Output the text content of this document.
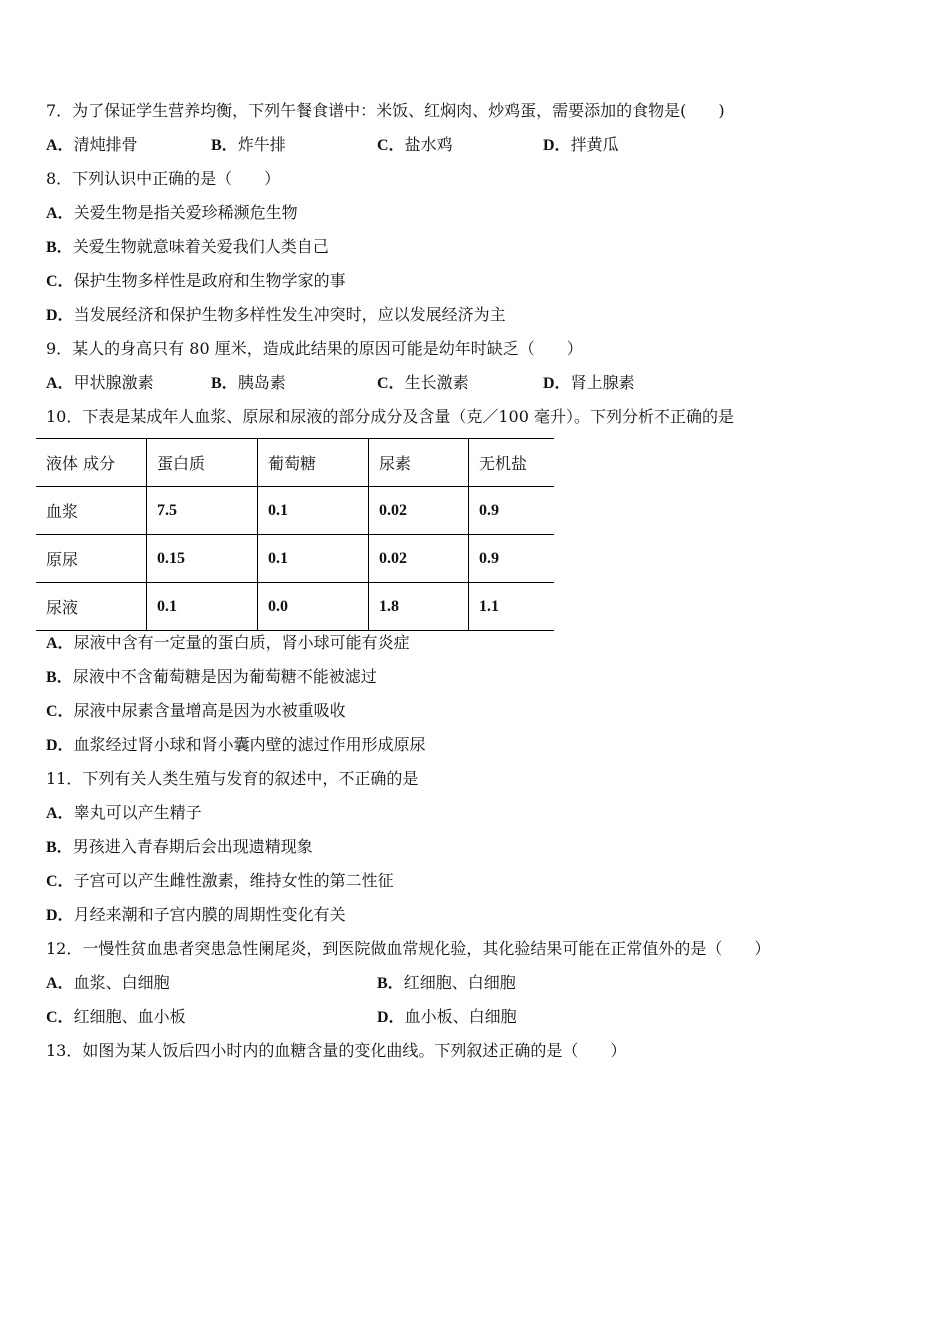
7．为了保证学生营养均衡，下列午餐食谱中：米饭、红焖肉、炒鸡蛋，需要添加的食物是(　　)
A．清炖排骨	B．炸牛排	C．盐水鸡	D．拌黄瓜
8．下列认识中正确的是（　　）
A．关爱生物是指关爱珍稀濒危生物
B．关爱生物就意味着关爱我们人类自己
C．保护生物多样性是政府和生物学家的事
D．当发展经济和保护生物多样性发生冲突时，应以发展经济为主
9．某人的身高只有 80 厘米，造成此结果的原因可能是幼年时缺乏（　　）
A．甲状腺激素	B．胰岛素	C．生长激素	D．肾上腺素
10．下表是某成年人血浆、原尿和尿液的部分成分及含量（克／100 毫升）。下列分析不正确的是
液体 成分	蛋白质	葡萄糖	尿素	无机盐
血浆	7.5	0.1	0.02	0.9
原尿	0.15	0.1	0.02	0.9
尿液	0.1	0.0	1.8	1.1
A．尿液中含有一定量的蛋白质，肾小球可能有炎症
B．尿液中不含葡萄糖是因为葡萄糖不能被滤过
C．尿液中尿素含量增高是因为水被重吸收
D．血浆经过肾小球和肾小囊内壁的滤过作用形成原尿
11．下列有关人类生殖与发育的叙述中，不正确的是
A．睾丸可以产生精子
B．男孩进入青春期后会出现遗精现象
C．子宫可以产生雌性激素，维持女性的第二性征
D．月经来潮和子宫内膜的周期性变化有关
12．一慢性贫血患者突患急性阑尾炎，到医院做血常规化验，其化验结果可能在正常值外的是（　　）
A．血浆、白细胞	B．红细胞、白细胞
C．红细胞、血小板	D．血小板、白细胞
13．如图为某人饭后四小时内的血糖含量的变化曲线。下列叙述正确的是（　　）
